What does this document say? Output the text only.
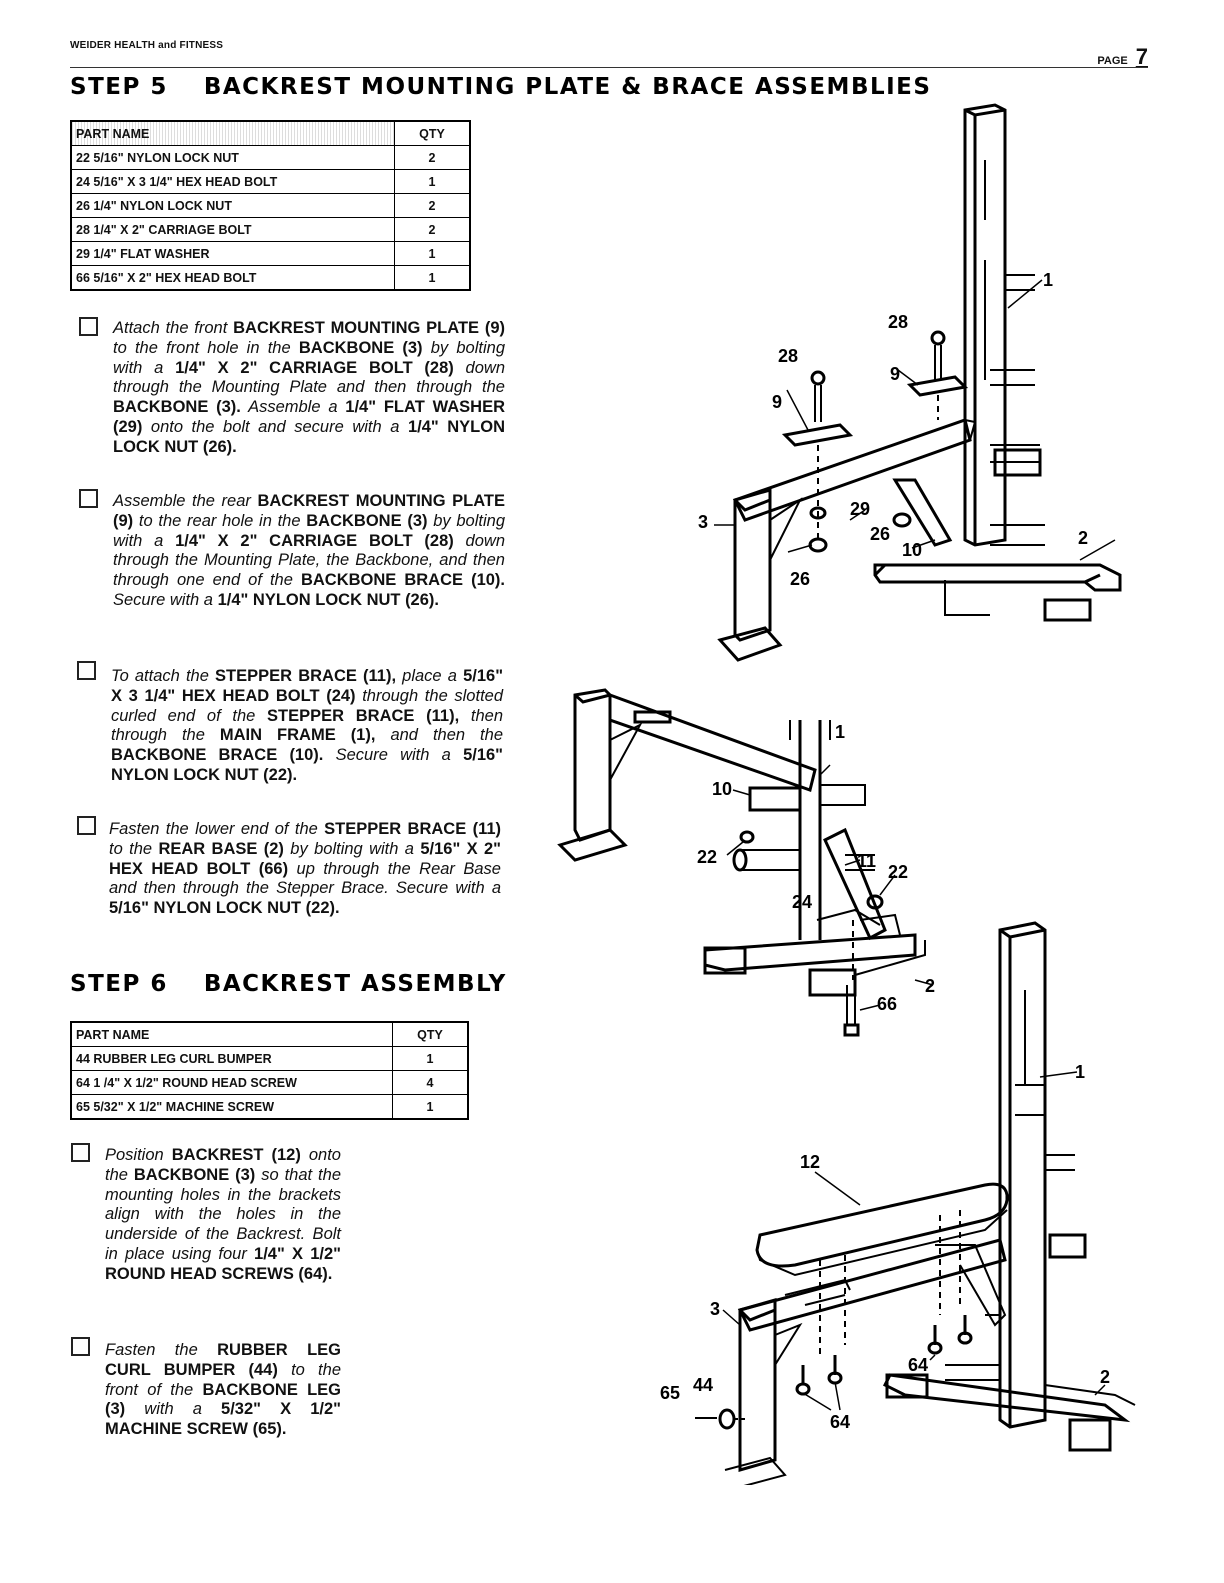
WEIDER HEALTH and FITNESS
PAGE 7
STEP 5 BACKREST MOUNTING PLATE & BRACE ASSEMBLIES
PART NAME	QTY
22 5/16" NYLON LOCK NUT	2
24 5/16" X 3 1/4" HEX HEAD BOLT	1
26 1/4" NYLON LOCK NUT	2
28 1/4" X 2" CARRIAGE BOLT	2
29 1/4" FLAT WASHER	1
66 5/16" X 2" HEX HEAD BOLT	1
Attach the front BACKREST MOUNTING PLATE (9) to the front hole in the BACKBONE (3) by bolting with a 1/4" X 2" CARRIAGE BOLT (28) down through the Mounting Plate and then through the BACKBONE (3). Assemble a 1/4" FLAT WASHER (29) onto the bolt and secure with a 1/4" NYLON LOCK NUT (26).
Assemble the rear BACKREST MOUNTING PLATE (9) to the rear hole in the BACKBONE (3) by bolting with a 1/4" X 2" CARRIAGE BOLT (28) down through the Mounting Plate, the Backbone, and then through one end of the BACKBONE BRACE (10). Secure with a 1/4" NYLON LOCK NUT (26).
To attach the STEPPER BRACE (11), place a 5/16" X 3 1/4" HEX HEAD BOLT (24) through the slotted curled end of the STEPPER BRACE (11), then through the MAIN FRAME (1), and then the BACKBONE BRACE (10). Secure with a 5/16" NYLON LOCK NUT (22).
Fasten the lower end of the STEPPER BRACE (11) to the REAR BASE (2) by bolting with a 5/16" X 2" HEX HEAD BOLT (66) up through the Rear Base and then through the Stepper Brace. Secure with a 5/16" NYLON LOCK NUT (22).
STEP 6 BACKREST ASSEMBLY
PART NAME	QTY
44 RUBBER LEG CURL BUMPER	1
64 1 /4" X 1/2" ROUND HEAD SCREW	4
65 5/32" X 1/2" MACHINE SCREW	1
Position BACKREST (12) onto the BACKBONE (3) so that the mounting holes in the brackets align with the holes in the underside of the Backrest. Bolt in place using four 1/4" X 1/2" ROUND HEAD SCREWS (64).
Fasten the RUBBER LEG CURL BUMPER (44) to the front of the BACKBONE LEG (3) with a 5/32" X 1/2" MACHINE SCREW (65).
1
28
28
9
9
3
29
26
10
26
2
1
10
22	11
22
24
2
66
1
12
3
64
65 44
64
2
